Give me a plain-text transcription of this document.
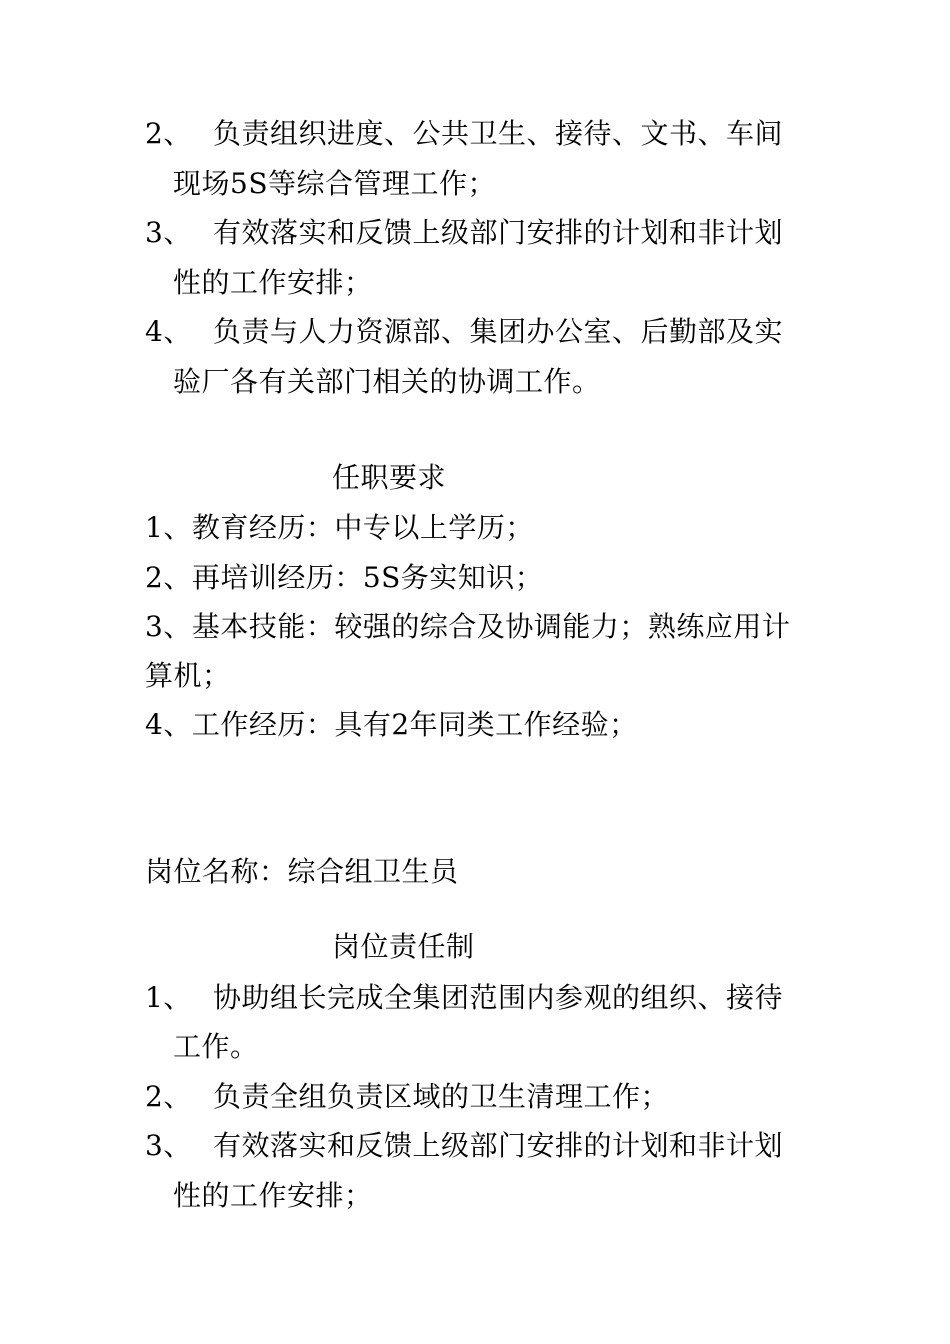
2、 负责组织进度、公共卫生、接待、文书、车间
现场5S等综合管理工作；
3、 有效落实和反馈上级部门安排的计划和非计划
性的工作安排；
4、 负责与人力资源部、集团办公室、后勤部及实
验厂各有关部门相关的协调工作。
任职要求
1、教育经历：中专以上学历；
2、再培训经历：5S务实知识；
3、基本技能：较强的综合及协调能力；熟练应用计
算机；
4、工作经历：具有2年同类工作经验；
岗位名称：综合组卫生员
岗位责任制
1、 协助组长完成全集团范围内参观的组织、接待
工作。
2、 负责全组负责区域的卫生清理工作；
3、 有效落实和反馈上级部门安排的计划和非计划
性的工作安排；
